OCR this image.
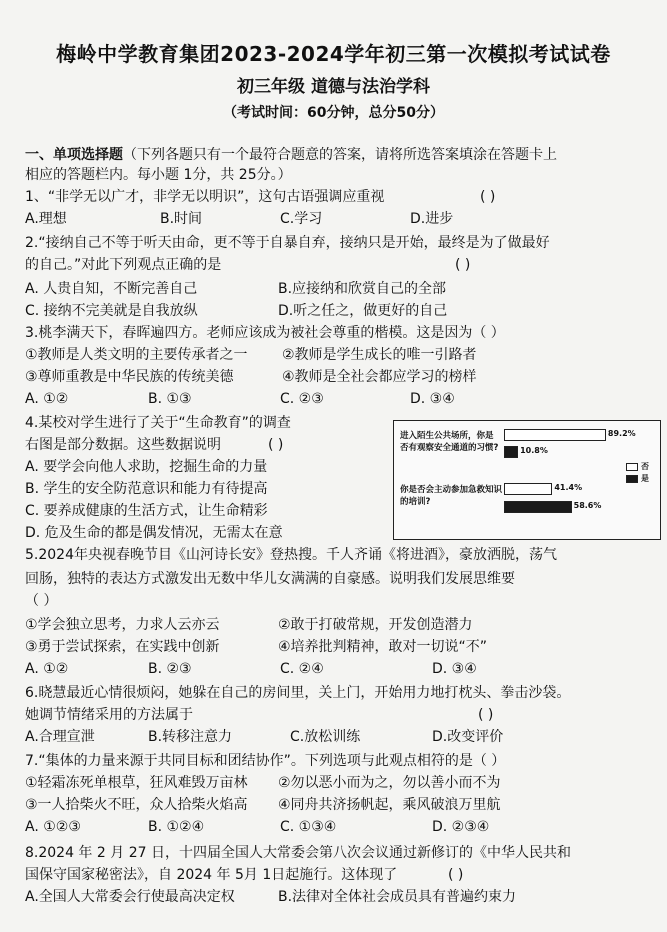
梅岭中学教育集团2023-2024学年初三第一次模拟考试试卷
初三年级 道德与法治学科
（考试时间：60分钟，总分50分）
一、单项选择题（下列各题只有一个最符合题意的答案，请将所选答案填涂在答题卡上
相应的答题栏内。每小题 1分，共 25分。）
1、“非学无以广才，非学无以明识”，这句古语强调应重视	( )
A.理想	B.时间	C.学习	D.进步
2.“接纳自己不等于听天由命，更不等于自暴自弃，接纳只是开始，最终是为了做最好
的自己。”对此下列观点正确的是	( )
A. 人贵自知，不断完善自己	B.应接纳和欣赏自己的全部
C. 接纳不完美就是自我放纵	D.听之任之，做更好的自己
3.桃李满天下，春晖遍四方。老师应该成为被社会尊重的楷模。这是因为（ ）
①教师是人类文明的主要传承者之一 ②教师是学生成长的唯一引路者
③尊师重教是中华民族的传统美德	④教师是全社会都应学习的榜样
A. ①②	B. ①③	C. ②③	D. ③④
4.某校对学生进行了关于“生命教育”的调查
右图是部分数据。这些数据说明	( )
A. 要学会向他人求助，挖掘生命的力量
B. 学生的安全防范意识和能力有待提高
C. 要养成健康的生活方式，让生命精彩
D. 危及生命的都是偶发情况，无需太在意
进入陌生公共场所，你是
否有观察安全通道的习惯?
你是否会主动参加急救知识
的培训?
否
是
89.2%
10.8%
41.4%
58.6%
5.2024年央视春晚节目《山河诗长安》登热搜。千人齐诵《将进酒》，豪放洒脱，荡气
回肠，独特的表达方式激发出无数中华儿女满满的自豪感。说明我们发展思维要
（ ）
①学会独立思考，力求人云亦云	②敢于打破常规，开发创造潜力
③勇于尝试探索，在实践中创新	④培养批判精神，敢对一切说“不”
A. ①②	B. ②③	C. ②④	D. ③④
6.晓慧最近心情很烦闷，她躲在自己的房间里，关上门，开始用力地打枕头、拳击沙袋。
她调节情绪采用的方法属于	( )
A.合理宣泄	B.转移注意力	C.放松训练	D.改变评价
7.“集体的力量来源于共同目标和团结协作”。下列选项与此观点相符的是（ ）
①轻霜冻死单根草，狂风难毁万亩林 ②勿以恶小而为之，勿以善小而不为
③一人拾柴火不旺，众人拾柴火焰高 ④同舟共济扬帆起，乘风破浪万里航
A. ①②③	B. ①②④	C. ①③④	D. ②③④
8.2024 年 2 月 27 日，十四届全国人大常委会第八次会议通过新修订的《中华人民共和
国保守国家秘密法》，自 2024 年 5月 1日起施行。这体现了	( )
A.全国人大常委会行使最高决定权	B.法律对全体社会成员具有普遍约束力
